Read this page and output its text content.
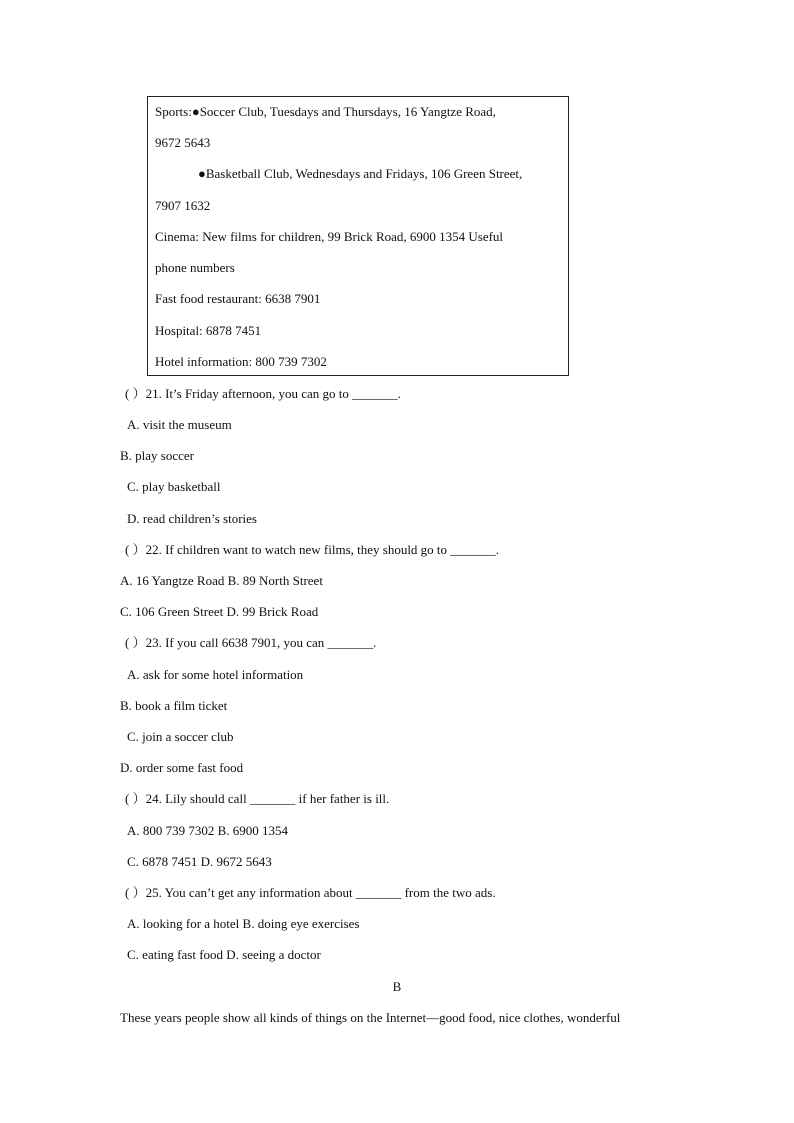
Sports:●Soccer Club, Tuesdays and Thursdays, 16 Yangtze Road,
9672 5643
●Basketball Club, Wednesdays and Fridays, 106 Green Street,
7907 1632
Cinema: New films for children, 99 Brick Road, 6900 1354 Useful
phone numbers
Fast food restaurant: 6638 7901
Hospital: 6878 7451
Hotel information: 800 739 7302
( ）21. It’s Friday afternoon, you can go to _______.
A. visit the museum
B. play soccer
C. play basketball
D. read children’s stories
( ）22. If children want to watch new films, they should go to _______.
A. 16 Yangtze Road B. 89 North Street
C. 106 Green Street D. 99 Brick Road
( ）23. If you call 6638 7901, you can _______.
A. ask for some hotel information
B. book a film ticket
C. join a soccer club
D. order some fast food
( ）24. Lily should call _______ if her father is ill.
A. 800 739 7302 B. 6900 1354
C. 6878 7451 D. 9672 5643
( ）25. You can’t get any information about _______ from the two ads.
A. looking for a hotel B. doing eye exercises
C. eating fast food D. seeing a doctor
B
These years people show all kinds of things on the Internet—good food, nice clothes, wonderful
